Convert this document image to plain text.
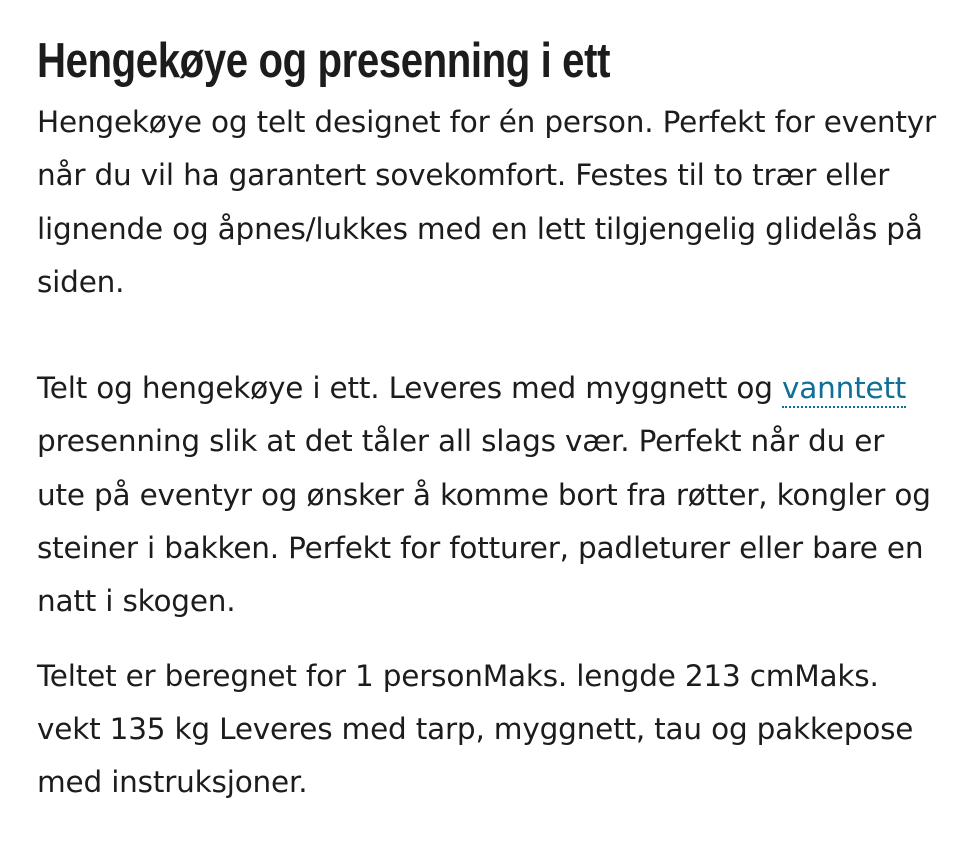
Hengekøye og presenning i ett

Hengekøye og telt designet for én person. Perfekt for eventyr når du vil ha garantert sovekomfort. Festes til to trær eller lignende og åpnes/lukkes med en lett tilgjengelig glidelås på siden.

Telt og hengekøye i ett. Leveres med myggnett og vanntett presenning slik at det tåler all slags vær. Perfekt når du er ute på eventyr og ønsker å komme bort fra røtter, kongler og steiner i bakken. Perfekt for fotturer, padleturer eller bare en natt i skogen.

Teltet er beregnet for 1 personMaks. lengde 213 cmMaks. vekt 135 kg Leveres med tarp, myggnett, tau og pakkepose med instruksjoner.
